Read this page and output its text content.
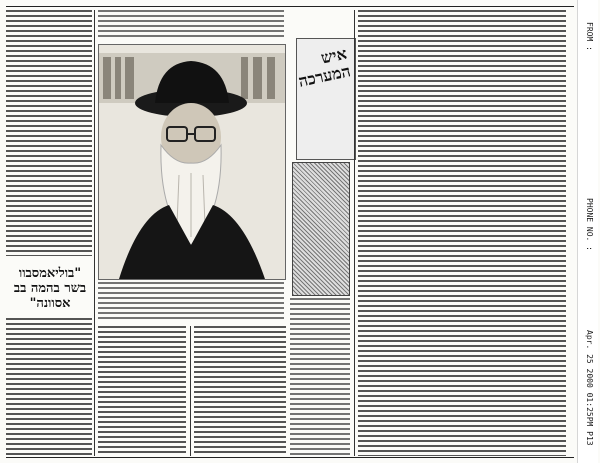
FROM :
PHONE NO. :
Apr. 25 2000 01:25PM P13
"בוליאמסבוו
בשר בהמה בב
אסוונה"
איש המערכה
